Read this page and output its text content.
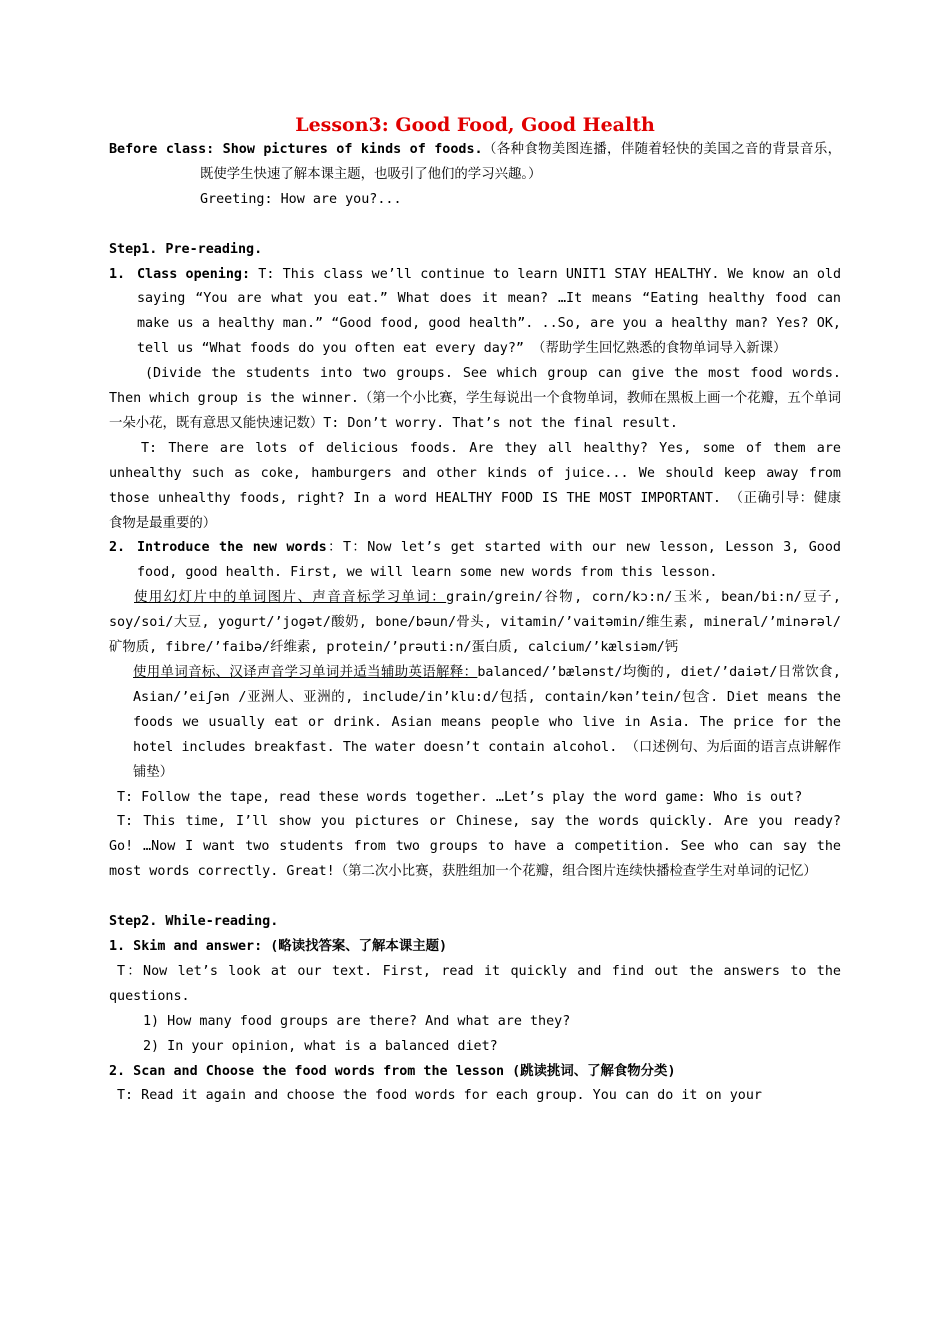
Lesson3: Good Food, Good Health

Before class: Show pictures of kinds of foods.（各种食物美图连播，伴随着轻快的美国之音的背景音乐，既使学生快速了解本课主题，也吸引了他们的学习兴趣。）

Greeting: How are you?...

Step1. Pre-reading.

1. Class opening: T: This class we’ll continue to learn UNIT1 STAY HEALTHY. We know an old saying “You are what you eat.” What does it mean? …It means “Eating healthy food can make us a healthy man.” “Good food, good health”. ..So, are you a healthy man? Yes? OK, tell us “What foods do you often eat every day?” （帮助学生回忆熟悉的食物单词导入新课）

(Divide the students into two groups. See which group can give the most food words. Then which group is the winner.（第一个小比赛，学生每说出一个食物单词，教师在黑板上画一个花瓣，五个单词一朵小花，既有意思又能快速记数）T: Don’t worry. That’s not the final result.

T: There are lots of delicious foods. Are they all healthy? Yes, some of them are unhealthy such as coke, hamburgers and other kinds of juice... We should keep away from those unhealthy foods, right? In a word HEALTHY FOOD IS THE MOST IMPORTANT. （正确引导：健康食物是最重要的）

2. Introduce the new words：T：Now let’s get started with our new lesson, Lesson 3, Good food, good health. First, we will learn some new words from this lesson.

使用幻灯片中的单词图片、声音音标学习单词：grain/grein/谷物, corn/kɔ:n/玉米, bean/bi:n/豆子, soy/soi/大豆, yogurt/’jogət/酸奶, bone/bəun/骨头, vitamin/’vaitəmin/维生素, mineral/’minərəl/矿物质, fibre/’faibə/纤维素, protein/’prəuti:n/蛋白质, calcium/’kælsiəm/钙

使用单词音标、汉译声音学习单词并适当辅助英语解释：balanced/’bælənst/均衡的, diet/’daiət/日常饮食, Asian/’eiʃən /亚洲人、亚洲的, include/in’klu:d/包括, contain/kən’tein/包含. Diet means the foods we usually eat or drink. Asian means people who live in Asia. The price for the hotel includes breakfast. The water doesn’t contain alcohol. （口述例句、为后面的语言点讲解作铺垫）

T: Follow the tape, read these words together. …Let’s play the word game: Who is out?

T: This time, I’ll show you pictures or Chinese, say the words quickly. Are you ready? Go! …Now I want two students from two groups to have a competition. See who can say the most words correctly. Great!（第二次小比赛，获胜组加一个花瓣，组合图片连续快播检查学生对单词的记忆）

Step2. While-reading.

1. Skim and answer: (略读找答案、了解本课主题)

T：Now let’s look at our text. First, read it quickly and find out the answers to the questions.

1) How many food groups are there? And what are they?

2) In your opinion, what is a balanced diet?

2. Scan and Choose the food words from the lesson (跳读挑词、了解食物分类)

T: Read it again and choose the food words for each group. You can do it on your
